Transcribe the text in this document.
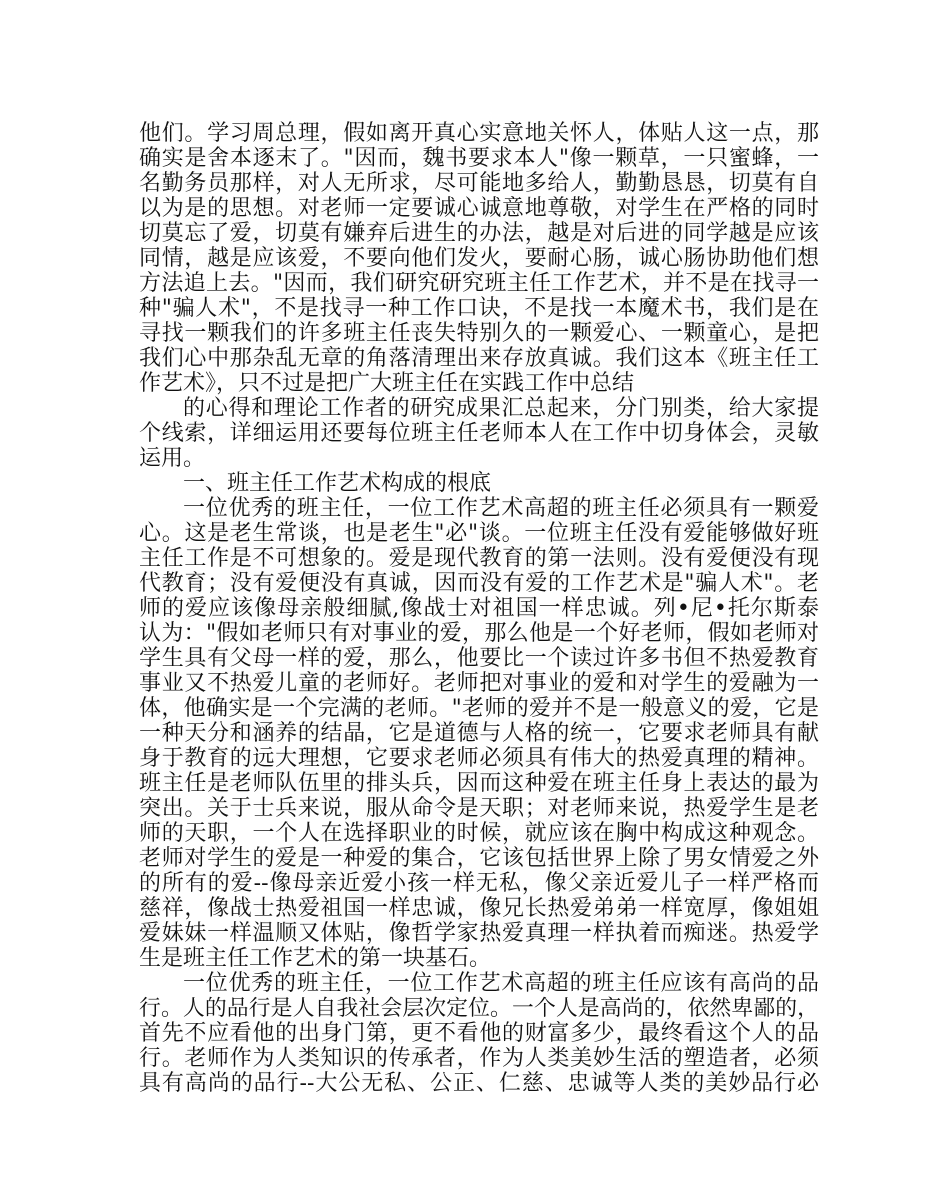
他们。学习周总理，假如离开真心实意地关怀人，体贴人这一点，那
确实是舍本逐末了。"因而，魏书要求本人"像一颗草，一只蜜蜂，一
名勤务员那样，对人无所求，尽可能地多给人，勤勤恳恳，切莫有自
以为是的思想。对老师一定要诚心诚意地尊敬，对学生在严格的同时
切莫忘了爱，切莫有嫌弃后进生的办法，越是对后进的同学越是应该
同情，越是应该爱，不要向他们发火，要耐心肠，诚心肠协助他们想
方法追上去。"因而，我们研究研究班主任工作艺术，并不是在找寻一
种"骗人术"，不是找寻一种工作口诀，不是找一本魔术书，我们是在
寻找一颗我们的许多班主任丧失特别久的一颗爱心、一颗童心，是把
我们心中那杂乱无章的角落清理出来存放真诚。我们这本《班主任工
作艺术》，只不过是把广大班主任在实践工作中总结
的心得和理论工作者的研究成果汇总起来，分门别类，给大家提
个线索，详细运用还要每位班主任老师本人在工作中切身体会，灵敏
运用。
一、班主任工作艺术构成的根底
一位优秀的班主任，一位工作艺术高超的班主任必须具有一颗爱
心。这是老生常谈，也是老生"必"谈。一位班主任没有爱能够做好班
主任工作是不可想象的。爱是现代教育的第一法则。没有爱便没有现
代教育；没有爱便没有真诚，因而没有爱的工作艺术是"骗人术"。老
师的爱应该像母亲般细腻,像战士对祖国一样忠诚。列•尼•托尔斯泰
认为："假如老师只有对事业的爱，那么他是一个好老师，假如老师对
学生具有父母一样的爱，那么，他要比一个读过许多书但不热爱教育
事业又不热爱儿童的老师好。老师把对事业的爱和对学生的爱融为一
体，他确实是一个完满的老师。"老师的爱并不是一般意义的爱，它是
一种天分和涵养的结晶，它是道德与人格的统一，它要求老师具有献
身于教育的远大理想，它要求老师必须具有伟大的热爱真理的精神。
班主任是老师队伍里的排头兵，因而这种爱在班主任身上表达的最为
突出。关于士兵来说，服从命令是天职；对老师来说，热爱学生是老
师的天职，一个人在选择职业的时候，就应该在胸中构成这种观念。
老师对学生的爱是一种爱的集合，它该包括世界上除了男女情爱之外
的所有的爱--像母亲近爱小孩一样无私，像父亲近爱儿子一样严格而
慈祥，像战士热爱祖国一样忠诚，像兄长热爱弟弟一样宽厚，像姐姐
爱妹妹一样温顺又体贴，像哲学家热爱真理一样执着而痴迷。热爱学
生是班主任工作艺术的第一块基石。
一位优秀的班主任，一位工作艺术高超的班主任应该有高尚的品
行。人的品行是人自我社会层次定位。一个人是高尚的，依然卑鄙的，
首先不应看他的出身门第，更不看他的财富多少，最终看这个人的品
行。老师作为人类知识的传承者，作为人类美妙生活的塑造者，必须
具有高尚的品行--大公无私、公正、仁慈、忠诚等人类的美妙品行必
